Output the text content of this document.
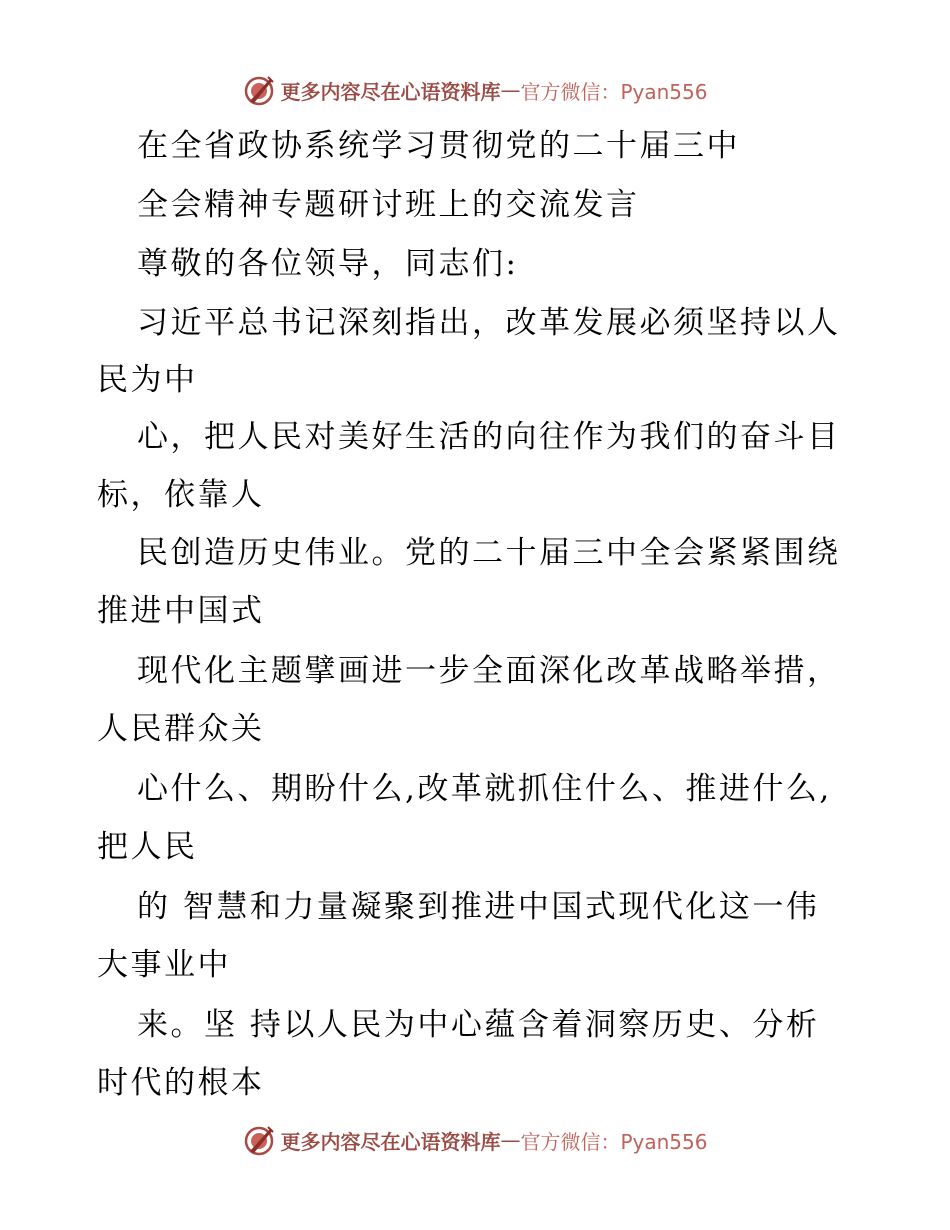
更多内容尽在心语资料库 — 官方微信：Pyan556
在全省政协系统学习贯彻党的二十届三中
全会精神专题研讨班上的交流发言
尊敬的各位领导，同志们:
习近平总书记深刻指出，改革发展必须坚持以人
民为中
心，把人民对美好生活的向往作为我们的奋斗目
标，依靠人
民创造历史伟业。党的二十届三中全会紧紧围绕
推进中国式
现代化主题擘画进一步全面深化改革战略举措，
人民群众关
心什么、期盼什么,改革就抓住什么、推进什么,
把人民
的 智慧和力量凝聚到推进中国式现代化这一伟
大事业中
来。坚 持以人民为中心蕴含着洞察历史、分析
时代的根本
更多内容尽在心语资料库 — 官方微信：Pyan556
